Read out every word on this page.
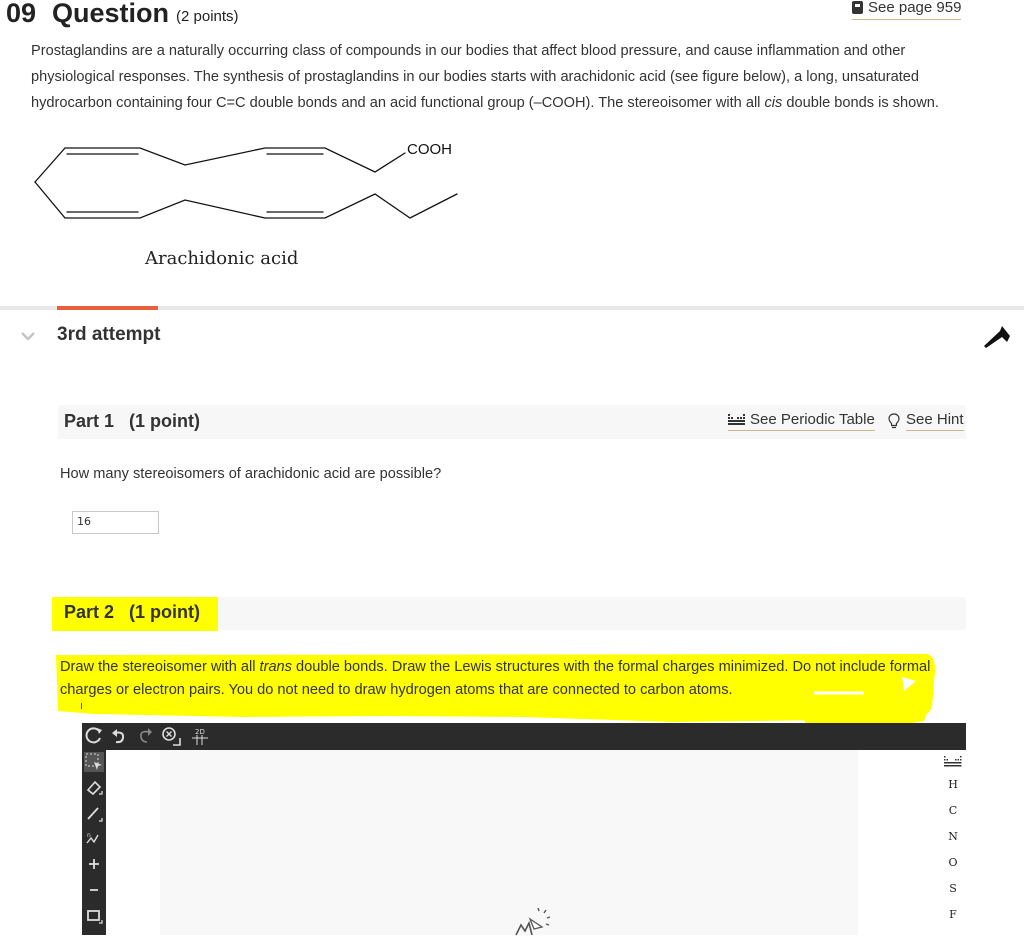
09 Question (2 points)
See page 959
Prostaglandins are a naturally occurring class of compounds in our bodies that affect blood pressure, and cause inflammation and other physiological responses. The synthesis of prostaglandins in our bodies starts with arachidonic acid (see figure below), a long, unsaturated hydrocarbon containing four C=C double bonds and an acid functional group (–COOH). The stereoisomer with all cis double bonds is shown.
COOH
Arachidonic acid
3rd attempt
Part 1   (1 point)	See Periodic Table See Hint
How many stereoisomers of arachidonic acid are possible?
16
Part 2   (1 point)
Draw the stereoisomer with all trans double bonds. Draw the Lewis structures with the formal charges minimized. Do not include formal charges or electron pairs. You do not need to draw hydrogen atoms that are connected to carbon atoms.
2D
n
H
C
N
O
S
F
